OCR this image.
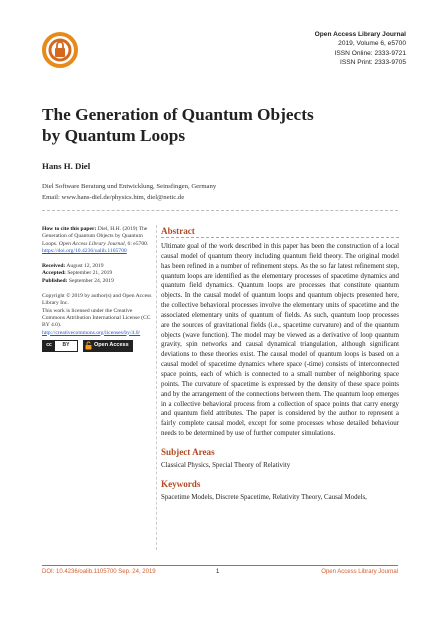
Open Access Library Journal
2019, Volume 6, e5700
ISSN Online: 2333-9721
ISSN Print: 2333-9705
The Generation of Quantum Objects
by Quantum Loops
Hans H. Diel
Diel Software Beratung und Entwicklung, Seinsfingen, Germany
Email: www.hans-diel.de/physics.htm, diel@netic.de
How to cite this paper: Diel, H.H. (2019) The Generation of Quantum Objects by Quantum Loops. Open Access Library Journal, 6: e5700.
https://doi.org/10.4236/oalib.1105700
Received: August 12, 2019
Accepted: September 21, 2019
Published: September 24, 2019
Copyright © 2019 by author(s) and Open Access Library Inc.
This work is licensed under the Creative Commons Attribution International License (CC BY 4.0).
http://creativecommons.org/licenses/by/4.0/
cc	BY	Open Access
Abstract
Ultimate goal of the work described in this paper has been the construction of a local causal model of quantum theory including quantum field theory. The original model has been refined in a number of refinement steps. As the so far latest refinement step, quantum loops are identified as the elementary processes of spacetime dynamics and quantum field dynamics. Quantum loops are processes that constitute quantum objects. In the causal model of quantum loops and quantum objects presented here, the collective behavioral processes involve the elementary units of spacetime and the associated elementary units of quantum of fields. As such, quantum loop processes are the sources of gravitational fields (i.e., spacetime curvature) and of the quantum objects (wave function). The model may be viewed as a derivative of loop quantum gravity, spin networks and causal dynamical triangulation, although significant deviations to these theories exist. The causal model of quantum loops is based on a causal model of spacetime dynamics where space (-time) consists of interconnected space points, each of which is connected to a small number of neighboring space points. The curvature of spacetime is expressed by the density of these space points and by the arrangement of the connections between them. The quantum loop emerges in a collective behavioral process from a collection of space points that carry energy and quantum field attributes. The paper is considered by the author to represent a fairly complete causal model, except for some processes whose detailed behaviour needs to be determined by use of further computer simulations.
Subject Areas
Classical Physics, Special Theory of Relativity
Keywords
Spacetime Models, Discrete Spacetime, Relativity Theory, Causal Models,
DOI: 10.4236/oalib.1105700 Sep. 24, 2019	1	Open Access Library Journal
